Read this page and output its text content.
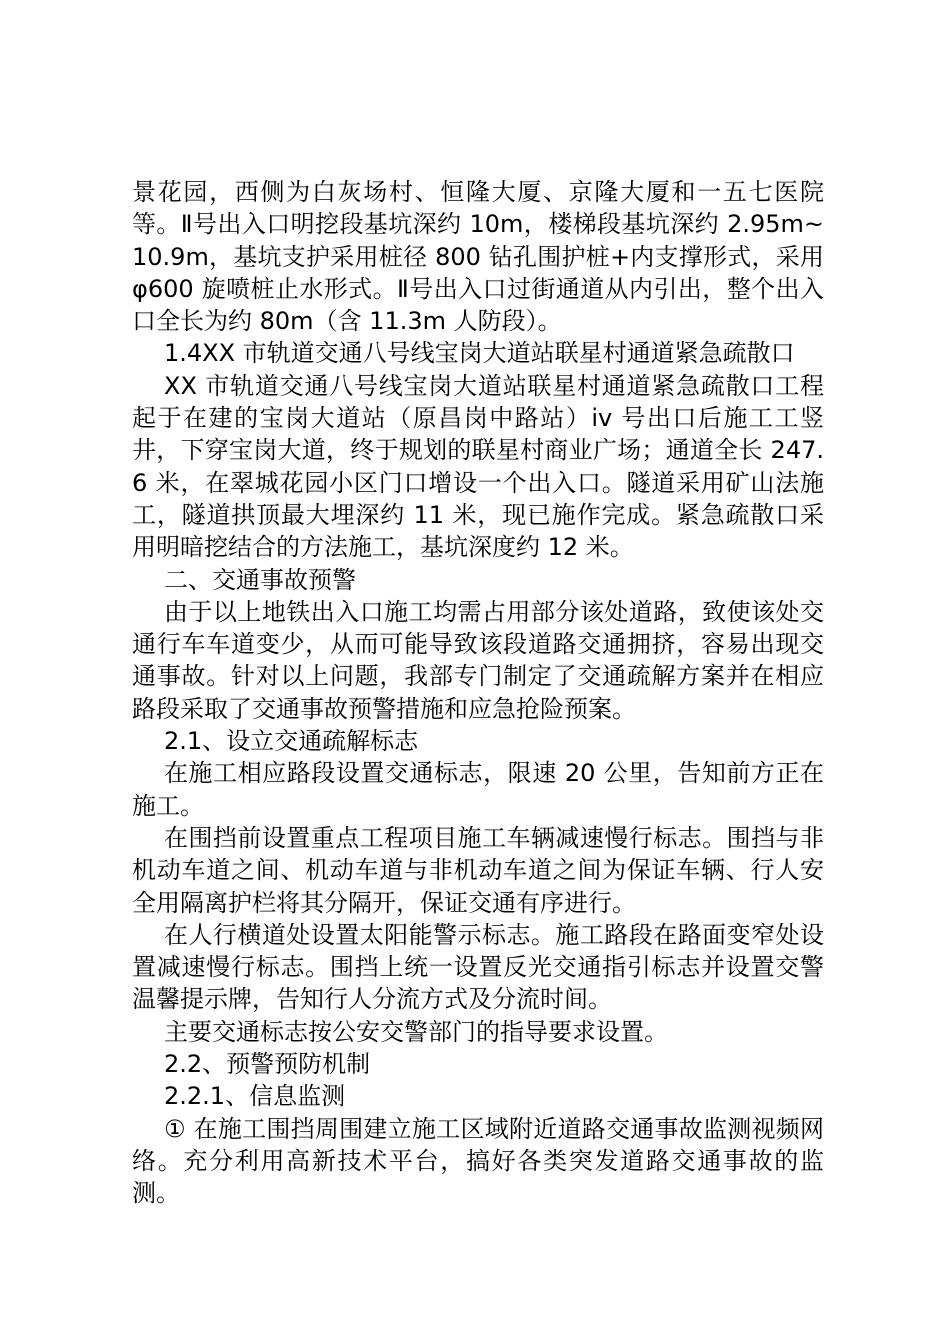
景花园，西侧为白灰场村、恒隆大厦、京隆大厦和一五七医院等。Ⅱ号出入口明挖段基坑深约 10m，楼梯段基坑深约 2.95m~10.9m，基坑支护采用桩径 800 钻孔围护桩+内支撑形式，采用 φ600 旋喷桩止水形式。Ⅱ号出入口过街通道从内引出，整个出入口全长为约 80m（含 11.3m 人防段）。

1.4XX 市轨道交通八号线宝岗大道站联星村通道紧急疏散口

XX 市轨道交通八号线宝岗大道站联星村通道紧急疏散口工程起于在建的宝岗大道站（原昌岗中路站）iv 号出口后施工工竖井，下穿宝岗大道，终于规划的联星村商业广场；通道全长 247.6 米，在翠城花园小区门口增设一个出入口。隧道采用矿山法施工，隧道拱顶最大埋深约 11 米，现已施作完成。紧急疏散口采用明暗挖结合的方法施工，基坑深度约 12 米。

二、交通事故预警

由于以上地铁出入口施工均需占用部分该处道路，致使该处交通行车车道变少，从而可能导致该段道路交通拥挤，容易出现交通事故。针对以上问题，我部专门制定了交通疏解方案并在相应路段采取了交通事故预警措施和应急抢险预案。

2.1、设立交通疏解标志

在施工相应路段设置交通标志，限速 20 公里，告知前方正在施工。

在围挡前设置重点工程项目施工车辆减速慢行标志。围挡与非机动车道之间、机动车道与非机动车道之间为保证车辆、行人安全用隔离护栏将其分隔开，保证交通有序进行。

在人行横道处设置太阳能警示标志。施工路段在路面变窄处设置减速慢行标志。围挡上统一设置反光交通指引标志并设置交警温馨提示牌，告知行人分流方式及分流时间。

主要交通标志按公安交警部门的指导要求设置。

2.2、预警预防机制

2.2.1、信息监测

① 在施工围挡周围建立施工区域附近道路交通事故监测视频网络。充分利用高新技术平台，搞好各类突发道路交通事故的监测。
